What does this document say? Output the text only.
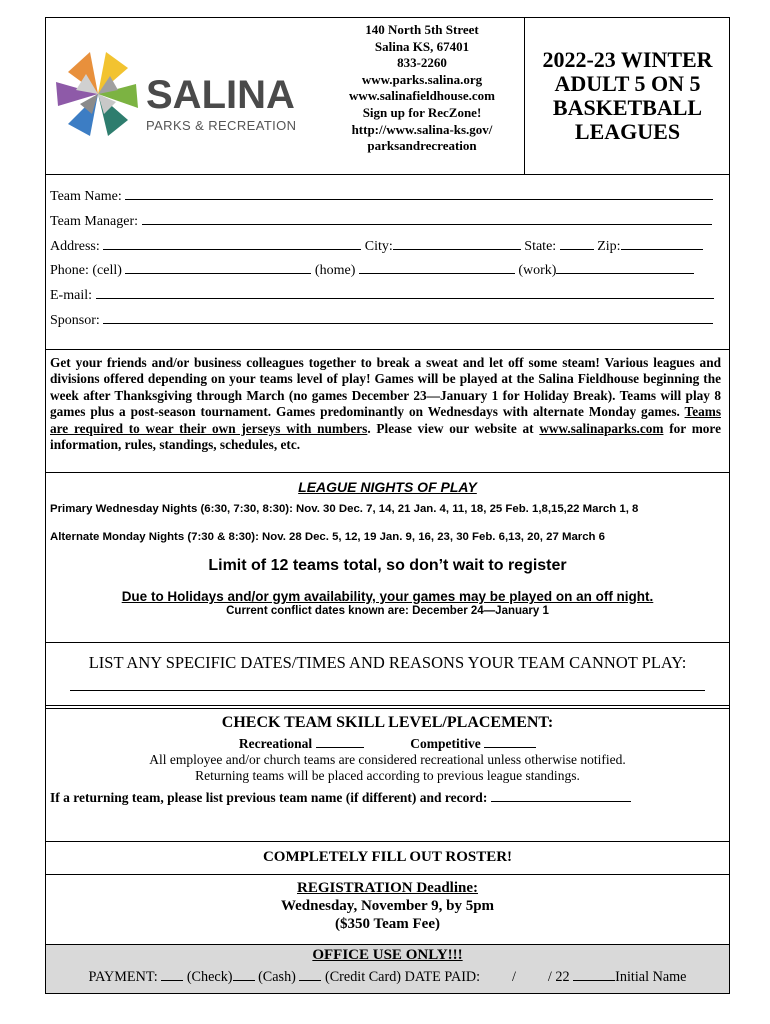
SALINA
PARKS & RECREATION
140 North 5th Street
Salina KS, 67401
833-2260
www.parks.salina.org
www.salinafieldhouse.com
Sign up for RecZone!
http://www.salina-ks.gov/
parksandrecreation
2022-23 WINTER ADULT 5 ON 5 BASKETBALL LEAGUES
Team Name:
Team Manager:
Address:	City:	State:	Zip:
Phone: (cell)	(home)	(work)
E-mail:
Sponsor:
Get your friends and/or business colleagues together to break a sweat and let off some steam! Various leagues and divisions offered depending on your teams level of play! Games will be played at the Salina Fieldhouse beginning the week after Thanksgiving through March (no games December 23—January 1 for Holiday Break). Teams will play 8 games plus a post-season tournament. Games predominantly on Wednesdays with alternate Monday games. Teams are required to wear their own jerseys with numbers. Please view our website at www.salinaparks.com for more information, rules, standings, schedules, etc.
LEAGUE NIGHTS OF PLAY
Primary Wednesday Nights (6:30, 7:30, 8:30): Nov. 30 Dec. 7, 14, 21 Jan. 4, 11, 18, 25 Feb. 1,8,15,22 March 1, 8
Alternate Monday Nights (7:30 & 8:30): Nov. 28 Dec. 5, 12, 19 Jan. 9, 16, 23, 30 Feb. 6,13, 20, 27 March 6
Limit of 12 teams total, so don’t wait to register
Due to Holidays and/or gym availability, your games may be played on an off night.
Current conflict dates known are: December 24—January 1
LIST ANY SPECIFIC DATES/TIMES AND REASONS YOUR TEAM CANNOT PLAY:
CHECK TEAM SKILL LEVEL/PLACEMENT:
Recreational	Competitive
All employee and/or church teams are considered recreational unless otherwise notified.
Returning teams will be placed according to previous league standings.
If a returning team, please list previous team name (if different) and record:
COMPLETELY FILL OUT ROSTER!
REGISTRATION Deadline:
Wednesday, November 9, by 5pm
($350 Team Fee)
OFFICE USE ONLY!!!
PAYMENT: (Check) (Cash) (Credit Card) DATE PAID: / / 22	Initial Name
